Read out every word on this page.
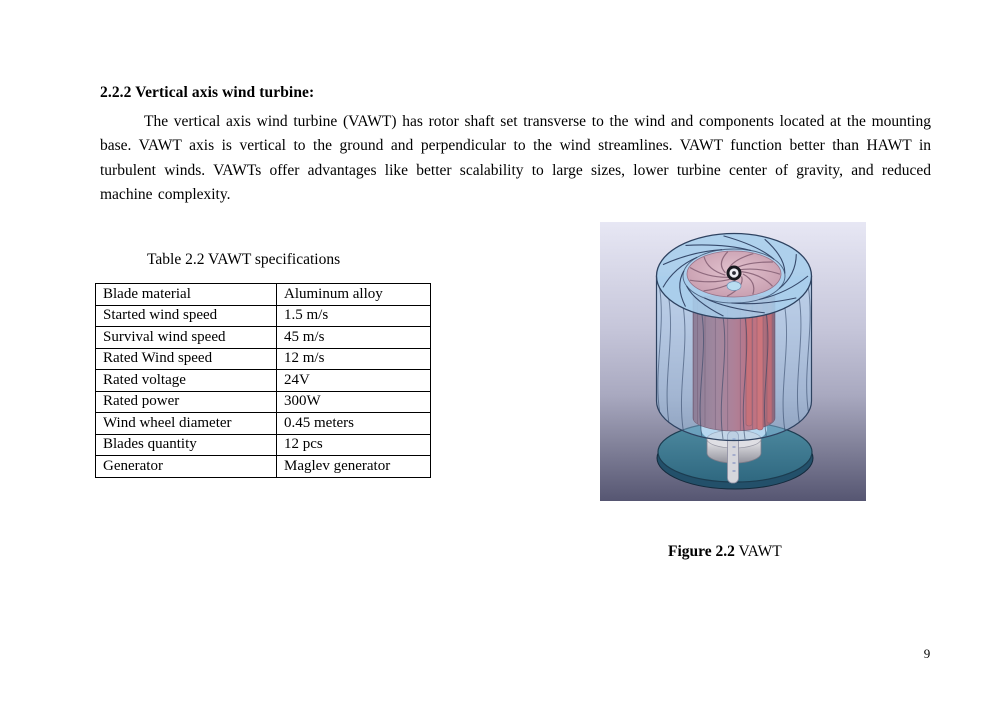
2.2.2 Vertical axis wind turbine:
The vertical axis wind turbine (VAWT) has rotor shaft set transverse to the wind and components located at the mounting base. VAWT axis is vertical to the ground and perpendicular to the wind streamlines. VAWT function better than HAWT in turbulent winds. VAWTs offer advantages like better scalability to large sizes, lower turbine center of gravity, and reduced machine complexity.
Table 2.2 VAWT specifications
Blade material	Aluminum alloy
Started wind speed	1.5 m/s
Survival wind speed	45 m/s
Rated Wind speed	12 m/s
Rated voltage	24V
Rated power	300W
Wind wheel diameter	0.45 meters
Blades quantity	12 pcs
Generator	Maglev generator
Figure 2.2 VAWT
9
